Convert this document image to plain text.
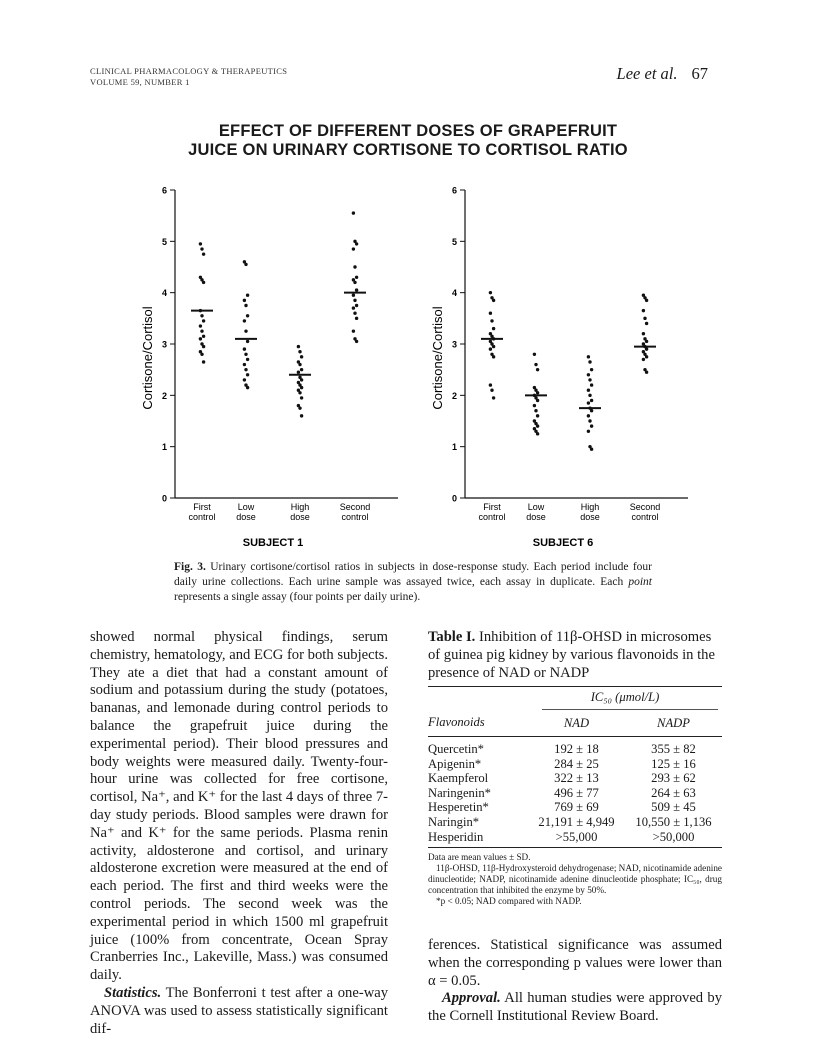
CLINICAL PHARMACOLOGY & THERAPEUTICS
VOLUME 59, NUMBER 1	Lee et al. 67
EFFECT OF DIFFERENT DOSES OF GRAPEFRUIT
JUICE ON URINARY CORTISONE TO CORTISOL RATIO
0
1
2
3
4
5
6
Cortisone/Cortisol
First
control
Low
dose
High
dose
Second
control
SUBJECT 1
0
1
2
3
4
5
6
Cortisone/Cortisol
First
control
Low
dose
High
dose
Second
control
SUBJECT 6
Fig. 3. Urinary cortisone/cortisol ratios in subjects in dose-response study. Each period include four daily urine collections. Each urine sample was assayed twice, each assay in duplicate. Each point represents a single assay (four points per daily urine).
showed normal physical findings, serum chemistry, hematology, and ECG for both subjects. They ate a diet that had a constant amount of sodium and potassium during the study (potatoes, bananas, and lemonade during control periods to balance the grapefruit juice during the experimental period). Their blood pressures and body weights were measured daily. Twenty-four-hour urine was collected for free cortisone, cortisol, Na⁺, and K⁺ for the last 4 days of three 7-day study periods. Blood samples were drawn for Na⁺ and K⁺ for the same periods. Plasma renin activity, aldosterone and cortisol, and urinary aldosterone excretion were measured at the end of each period. The first and third weeks were the control periods. The second week was the experimental period in which 1500 ml grapefruit juice (100% from concentrate, Ocean Spray Cranberries Inc., Lakeville, Mass.) was consumed daily.
Statistics. The Bonferroni t test after a one-way ANOVA was used to assess statistically significant dif-
Table I. Inhibition of 11β-OHSD in microsomes of guinea pig kidney by various flavonoids in the presence of NAD or NADP
	IC₅₀ (μmol/L)	

Flavonoids	NAD	NADP
Quercetin*	192 ± 18	355 ± 82
Apigenin*	284 ± 25	125 ± 16
Kaempferol	322 ± 13	293 ± 62
Naringenin*	496 ± 77	264 ± 63
Hesperetin*	769 ± 69	509 ± 45
Naringin*	21,191 ± 4,949	10,550 ± 1,136
Hesperidin	>55,000	>50,000
Data are mean values ± SD.
11β-OHSD, 11β-Hydroxysteroid dehydrogenase; NAD, nicotinamide adenine dinucleotide; NADP, nicotinamide adenine dinucleotide phosphate; IC₅₀, drug concentration that inhibited the enzyme by 50%.
*p < 0.05; NAD compared with NADP.
ferences. Statistical significance was assumed when the corresponding p values were lower than α = 0.05.
Approval. All human studies were approved by the Cornell Institutional Review Board.
